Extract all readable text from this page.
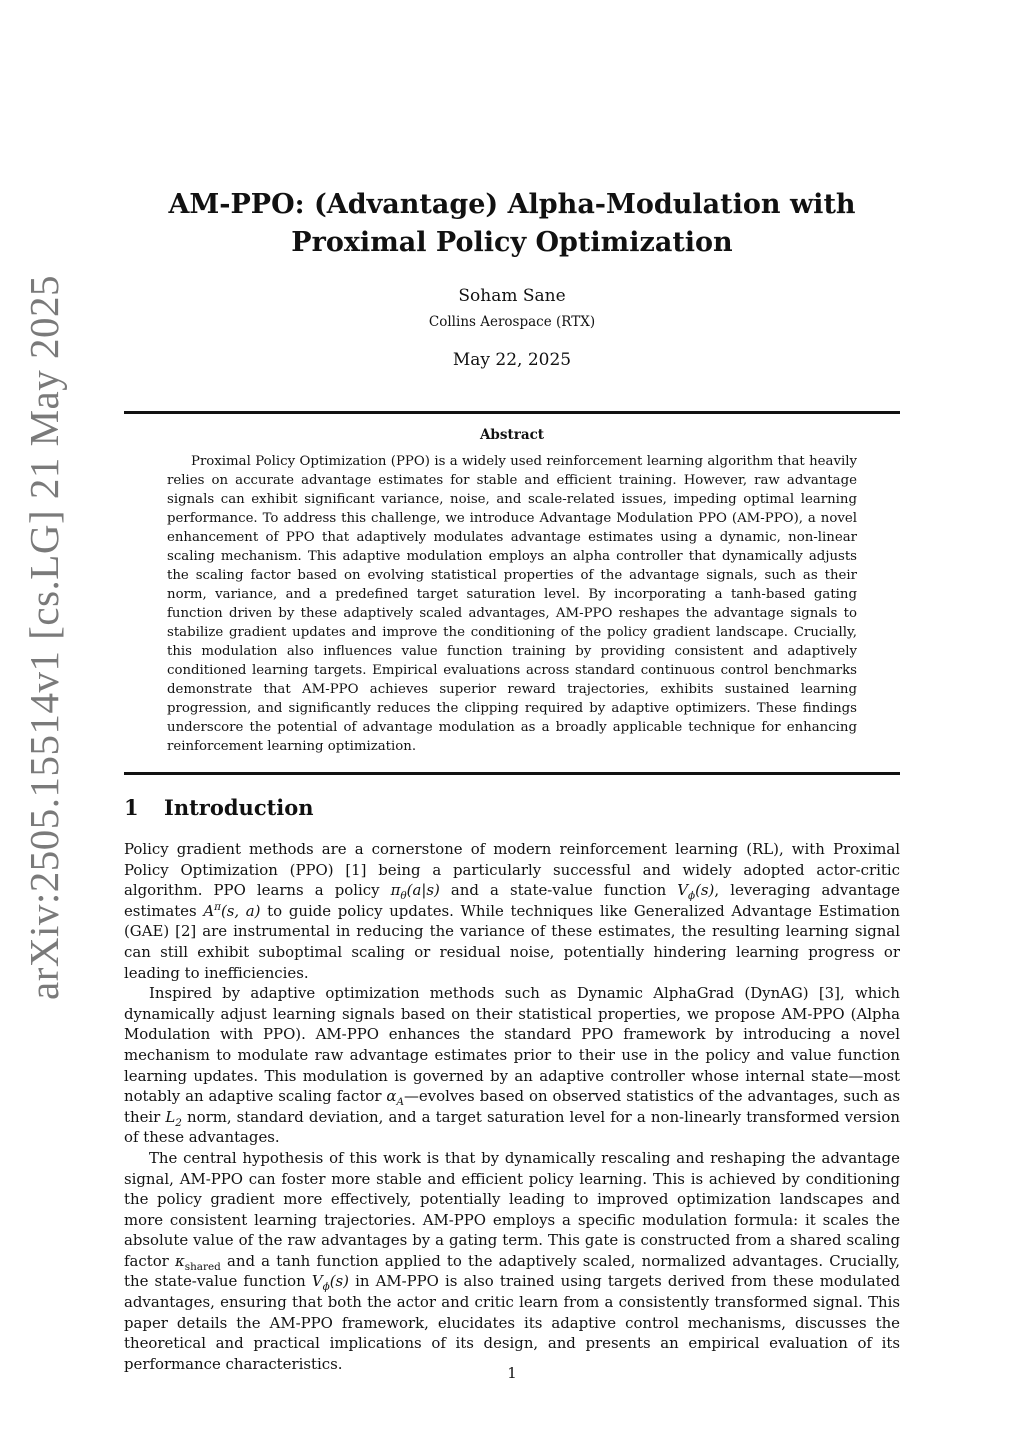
arXiv:2505.15514v1 [cs.LG] 21 May 2025
AM-PPO: (Advantage) Alpha-Modulation with
Proximal Policy Optimization
Soham Sane
Collins Aerospace (RTX)
May 22, 2025
Abstract

Proximal Policy Optimization (PPO) is a widely used reinforcement learning algorithm that heavily relies on accurate advantage estimates for stable and efficient training. However, raw advantage signals can exhibit significant variance, noise, and scale-related issues, impeding optimal learning performance. To address this challenge, we introduce Advantage Modulation PPO (AM-PPO), a novel enhancement of PPO that adaptively modulates advantage estimates using a dynamic, non-linear scaling mechanism. This adaptive modulation employs an alpha controller that dynamically adjusts the scaling factor based on evolving statistical properties of the advantage signals, such as their norm, variance, and a predefined target saturation level. By incorporating a tanh-based gating function driven by these adaptively scaled advantages, AM-PPO reshapes the advantage signals to stabilize gradient updates and improve the conditioning of the policy gradient landscape. Crucially, this modulation also influences value function training by providing consistent and adaptively conditioned learning targets. Empirical evaluations across standard continuous control benchmarks demonstrate that AM-PPO achieves superior reward trajectories, exhibits sustained learning progression, and significantly reduces the clipping required by adaptive optimizers. These findings underscore the potential of advantage modulation as a broadly applicable technique for enhancing reinforcement learning optimization.

1 Introduction

Policy gradient methods are a cornerstone of modern reinforcement learning (RL), with Proximal Policy Optimization (PPO) [1] being a particularly successful and widely adopted actor-critic algorithm. PPO learns a policy $\pi_\theta(a|s)$ and a state-value function $V_\phi(s)$, leveraging advantage estimates $A^\pi(s$, a) to guide policy updates. While techniques like Generalized Advantage Estimation (GAE) [2] are instrumental in reducing the variance of these estimates, the resulting learning signal can still exhibit suboptimal scaling or residual noise, potentially hindering learning progress or leading to inefficiencies.

Inspired by adaptive optimization methods such as Dynamic AlphaGrad (DynAG) [3], which dynamically adjust learning signals based on their statistical properties, we propose AM-PPO (Alpha Modulation with PPO). AM-PPO enhances the standard PPO framework by introducing a novel mechanism to modulate raw advantage estimates prior to their use in the policy and value function learning updates. This modulation is governed by an adaptive controller whose internal state—most notably an adaptive scaling factor $\alpha_A—evolves$ based on observed statistics of the advantages, such as their $L_2$ norm, standard deviation, and a target saturation level for a non-linearly transformed version of these advantages.

The central hypothesis of this work is that by dynamically rescaling and reshaping the advantage signal, AM-PPO can foster more stable and efficient policy learning. This is achieved by conditioning the policy gradient more effectively, potentially leading to improved optimization landscapes and more consistent learning trajectories. AM-PPO employs a specific modulation formula: it scales the absolute value of the raw advantages by a gating term. This gate is constructed from a shared scaling factor $\kappa_{shared}$ and a tanh function applied to the adaptively scaled, normalized advantages. Crucially, the state-value function $V_\phi(s)$ in AM-PPO is also trained using targets derived from these modulated advantages, ensuring that both the actor and critic learn from a consistently transformed signal. This paper details the AM-PPO framework, elucidates its adaptive control mechanisms, discusses the theoretical and practical implications of its design, and presents an empirical evaluation of its performance characteristics.

1
